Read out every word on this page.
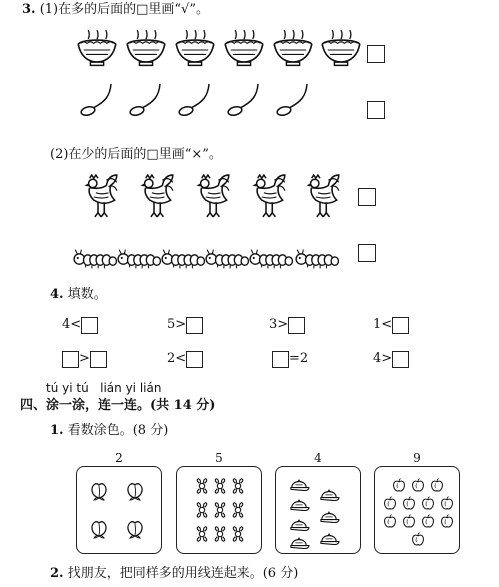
3. (1)在多的后面的□里画“√”。
(2)在少的后面的□里画“×”。
4. 填数。
4<	5>	3>	1<
>	2<	=2	4>
tú yi tú   lián yi lián
四、涂一涂，连一连。(共 14 分)
1. 看数涂色。(8 分)
2	5	4	9
2. 找朋友，把同样多的用线连起来。(6 分)
